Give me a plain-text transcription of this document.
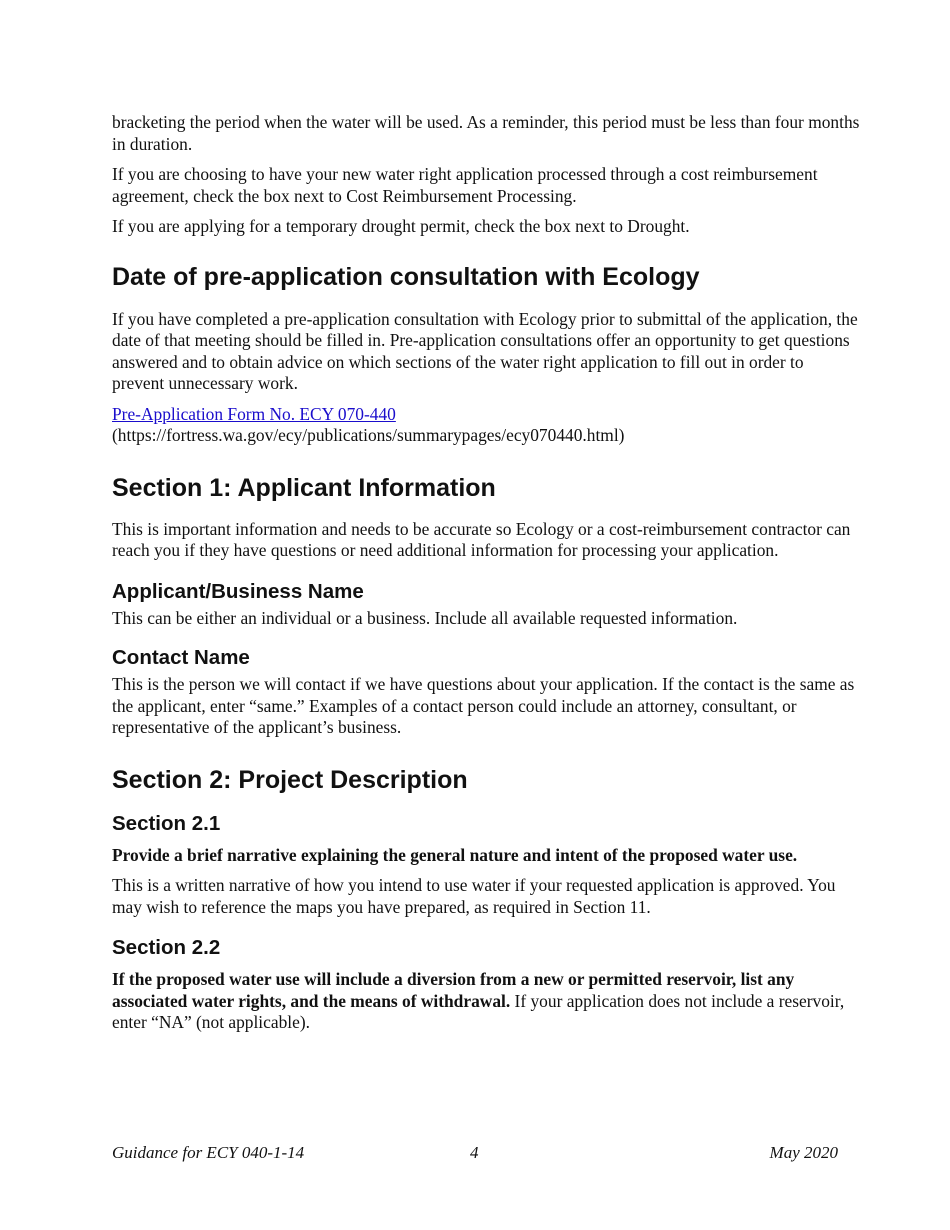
bracketing the period when the water will be used. As a reminder, this period must be less than four months in duration.

If you are choosing to have your new water right application processed through a cost reimbursement agreement, check the box next to Cost Reimbursement Processing.

If you are applying for a temporary drought permit, check the box next to Drought.

Date of pre-application consultation with Ecology

If you have completed a pre-application consultation with Ecology prior to submittal of the application, the date of that meeting should be filled in. Pre-application consultations offer an opportunity to get questions answered and to obtain advice on which sections of the water right application to fill out in order to prevent unnecessary work.

Pre-Application Form No. ECY 070-440
(https://fortress.wa.gov/ecy/publications/summarypages/ecy070440.html)

Section 1: Applicant Information

This is important information and needs to be accurate so Ecology or a cost-reimbursement contractor can reach you if they have questions or need additional information for processing your application.

Applicant/Business Name

This can be either an individual or a business. Include all available requested information.

Contact Name

This is the person we will contact if we have questions about your application. If the contact is the same as the applicant, enter “same.” Examples of a contact person could include an attorney, consultant, or representative of the applicant’s business.

Section 2: Project Description
Section 2.1

Provide a brief narrative explaining the general nature and intent of the proposed water use.

This is a written narrative of how you intend to use water if your requested application is approved. You may wish to reference the maps you have prepared, as required in Section 11.

Section 2.2

If the proposed water use will include a diversion from a new or permitted reservoir, list any associated water rights, and the means of withdrawal. If your application does not include a reservoir, enter “NA” (not applicable).

Guidance for ECY 040-1-14	4	May 2020
